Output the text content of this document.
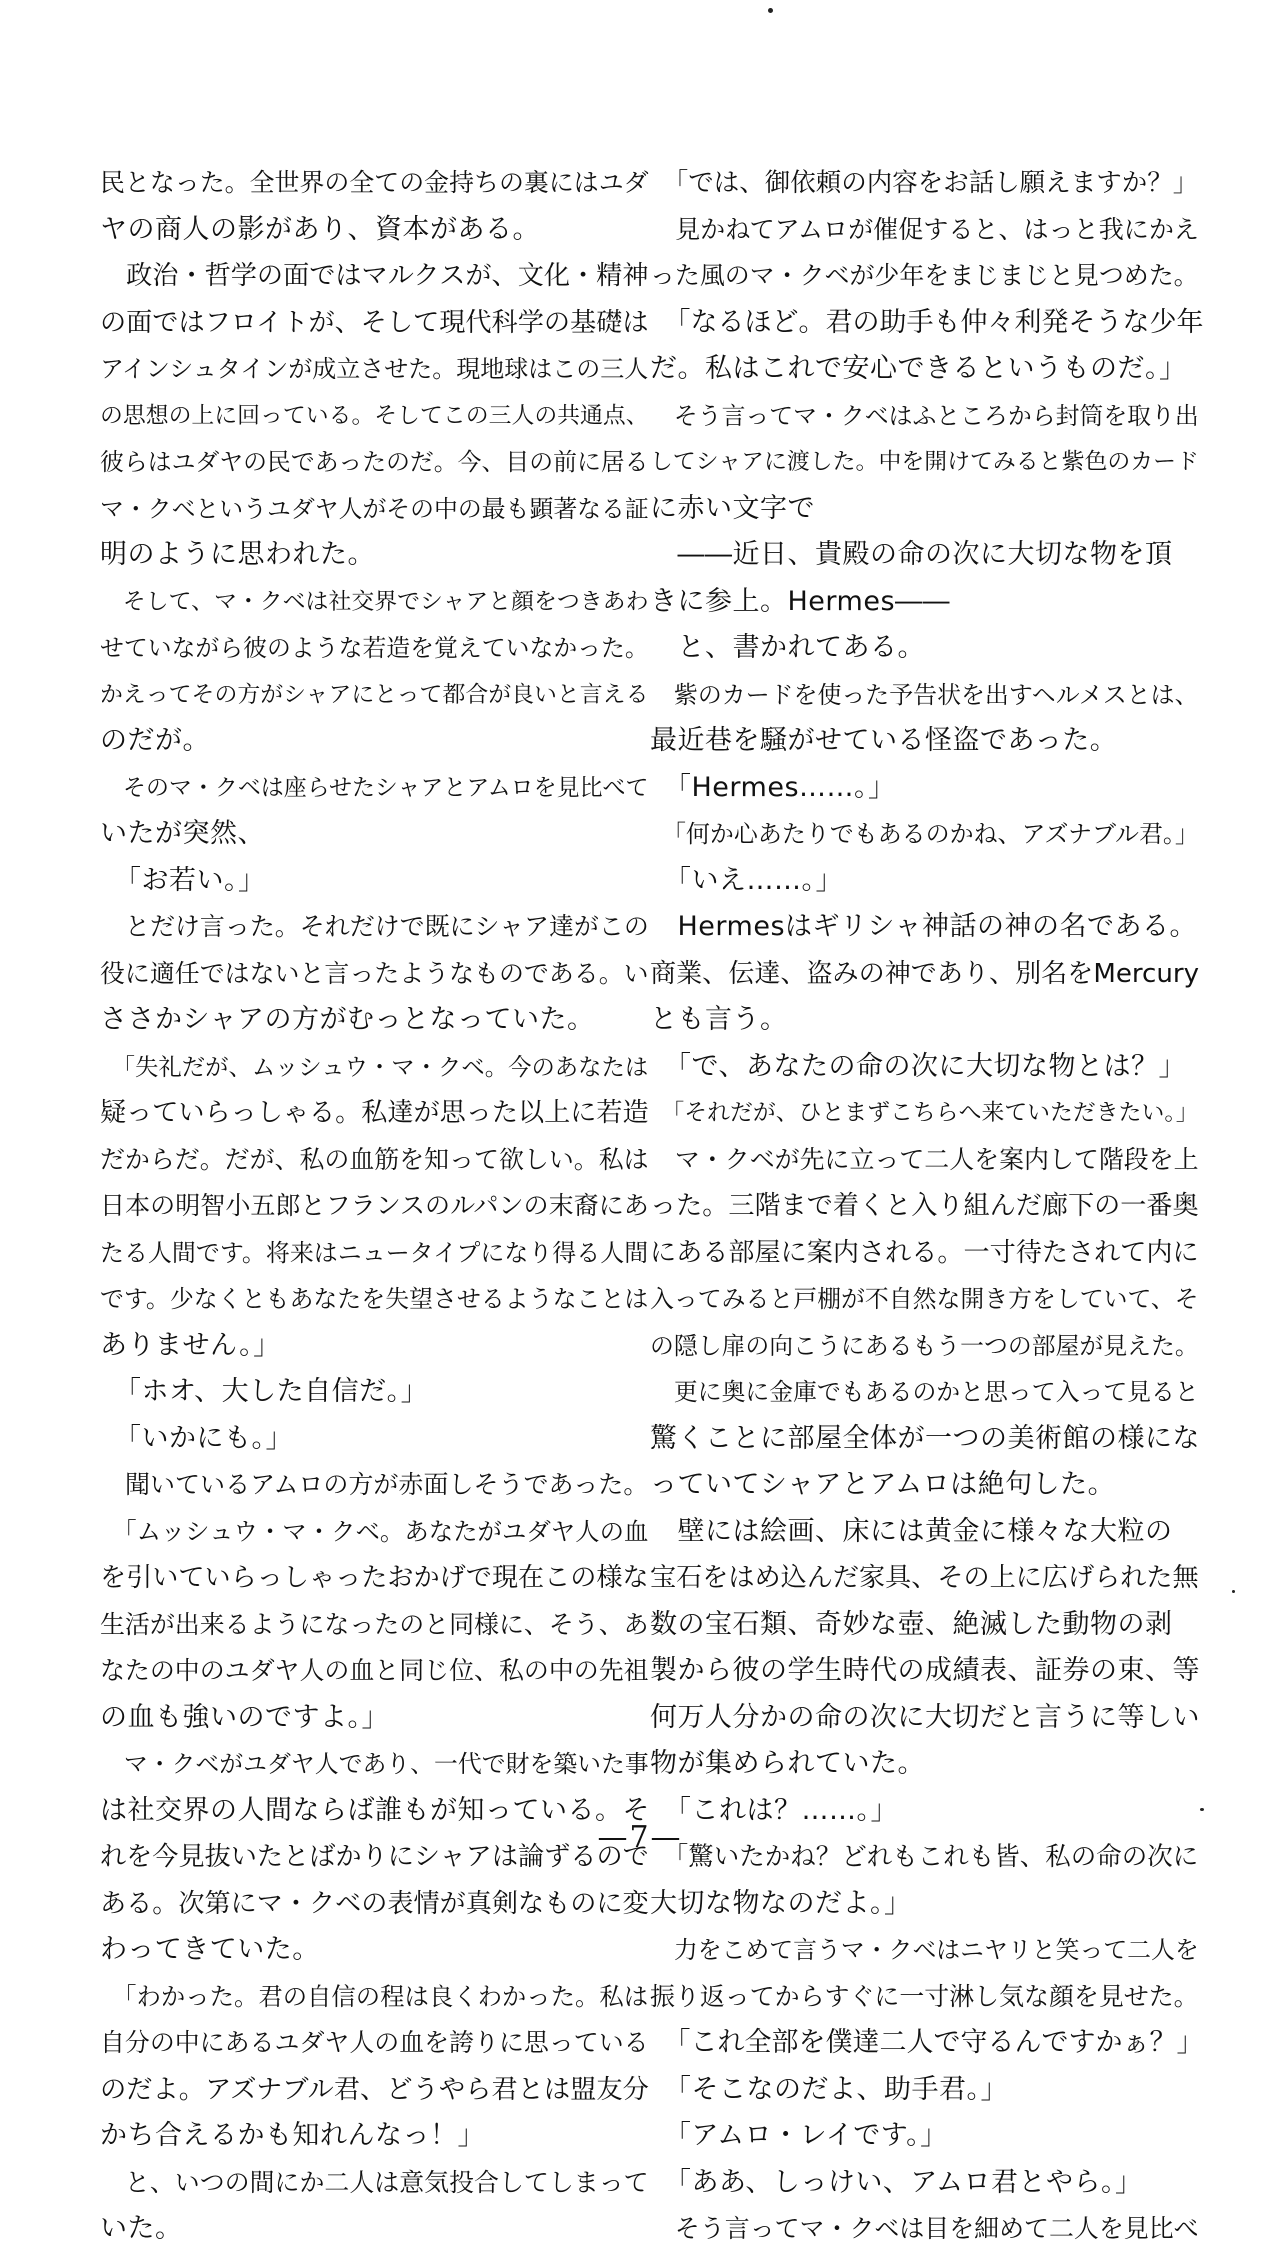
民となった。全世界の全ての金持ちの裏にはユダ
ヤの商人の影があり、資本がある。
　政治・哲学の面ではマルクスが、文化・精神
の面ではフロイトが、そして現代科学の基礎は
アインシュタインが成立させた。現地球はこの三人
の思想の上に回っている。そしてこの三人の共通点、
彼らはユダヤの民であったのだ。今、目の前に居る
マ・クベというユダヤ人がその中の最も顕著なる証
明のように思われた。
　そして、マ・クベは社交界でシャアと顔をつきあわ
せていながら彼のような若造を覚えていなかった。
かえってその方がシャアにとって都合が良いと言える
のだが。
　そのマ・クベは座らせたシャアとアムロを見比べて
いたが突然、
　「お若い。」
　とだけ言った。それだけで既にシャア達がこの
役に適任ではないと言ったようなものである。い
ささかシャアの方がむっとなっていた。
　「失礼だが、ムッシュウ・マ・クベ。今のあなたは
疑っていらっしゃる。私達が思った以上に若造
だからだ。だが、私の血筋を知って欲しい。私は
日本の明智小五郎とフランスのルパンの末裔にあ
たる人間です。将来はニュータイプになり得る人間
です。少なくともあなたを失望させるようなことは
ありません。」
　「ホオ、大した自信だ。」
　「いかにも。」
　聞いているアムロの方が赤面しそうであった。
　「ムッシュウ・マ・クベ。あなたがユダヤ人の血
を引いていらっしゃったおかげで現在この様な
生活が出来るようになったのと同様に、そう、あ
なたの中のユダヤ人の血と同じ位、私の中の先祖
の血も強いのですよ。」
　マ・クベがユダヤ人であり、一代で財を築いた事
は社交界の人間ならば誰もが知っている。そ
れを今見抜いたとばかりにシャアは論ずるので
ある。次第にマ・クベの表情が真剣なものに変
わってきていた。
　「わかった。君の自信の程は良くわかった。私は
自分の中にあるユダヤ人の血を誇りに思っている
のだよ。アズナブル君、どうやら君とは盟友分
かち合えるかも知れんなっ！」
　と、いつの間にか二人は意気投合してしまって
いた。
　「では、御依頼の内容をお話し願えますか？」
　見かねてアムロが催促すると、はっと我にかえ
った風のマ・クベが少年をまじまじと見つめた。
　「なるほど。君の助手も仲々利発そうな少年
だ。私はこれで安心できるというものだ。」
　そう言ってマ・クベはふところから封筒を取り出
してシャアに渡した。中を開けてみると紫色のカード
に赤い文字で
　――近日、貴殿の命の次に大切な物を頂
きに参上。Hermes――
　と、書かれてある。
　紫のカードを使った予告状を出すヘルメスとは、
最近巷を騒がせている怪盗であった。
　「Hermes……。」
　「何か心あたりでもあるのかね、アズナブル君。」
　「いえ……。」
　Hermesはギリシャ神話の神の名である。
商業、伝達、盗みの神であり、別名をMercury
とも言う。
　「で、あなたの命の次に大切な物とは？」
　「それだが、ひとまずこちらへ来ていただきたい。」
　マ・クベが先に立って二人を案内して階段を上
った。三階まで着くと入り組んだ廊下の一番奥
にある部屋に案内される。一寸待たされて内に
入ってみると戸棚が不自然な開き方をしていて、そ
の隠し扉の向こうにあるもう一つの部屋が見えた。
　更に奥に金庫でもあるのかと思って入って見ると
驚くことに部屋全体が一つの美術館の様にな
っていてシャアとアムロは絶句した。
　壁には絵画、床には黄金に様々な大粒の
宝石をはめ込んだ家具、その上に広げられた無
数の宝石類、奇妙な壺、絶滅した動物の剥
製から彼の学生時代の成績表、証券の束、等
何万人分かの命の次に大切だと言うに等しい
物が集められていた。
　「これは？……。」
　「驚いたかね？どれもこれも皆、私の命の次に
大切な物なのだよ。」
　力をこめて言うマ・クベはニヤリと笑って二人を
振り返ってからすぐに一寸淋し気な顔を見せた。
　「これ全部を僕達二人で守るんですかぁ？」
　「そこなのだよ、助手君。」
　「アムロ・レイです。」
　「ああ、しっけい、アムロ君とやら。」
　そう言ってマ・クベは目を細めて二人を見比べ
—7—
